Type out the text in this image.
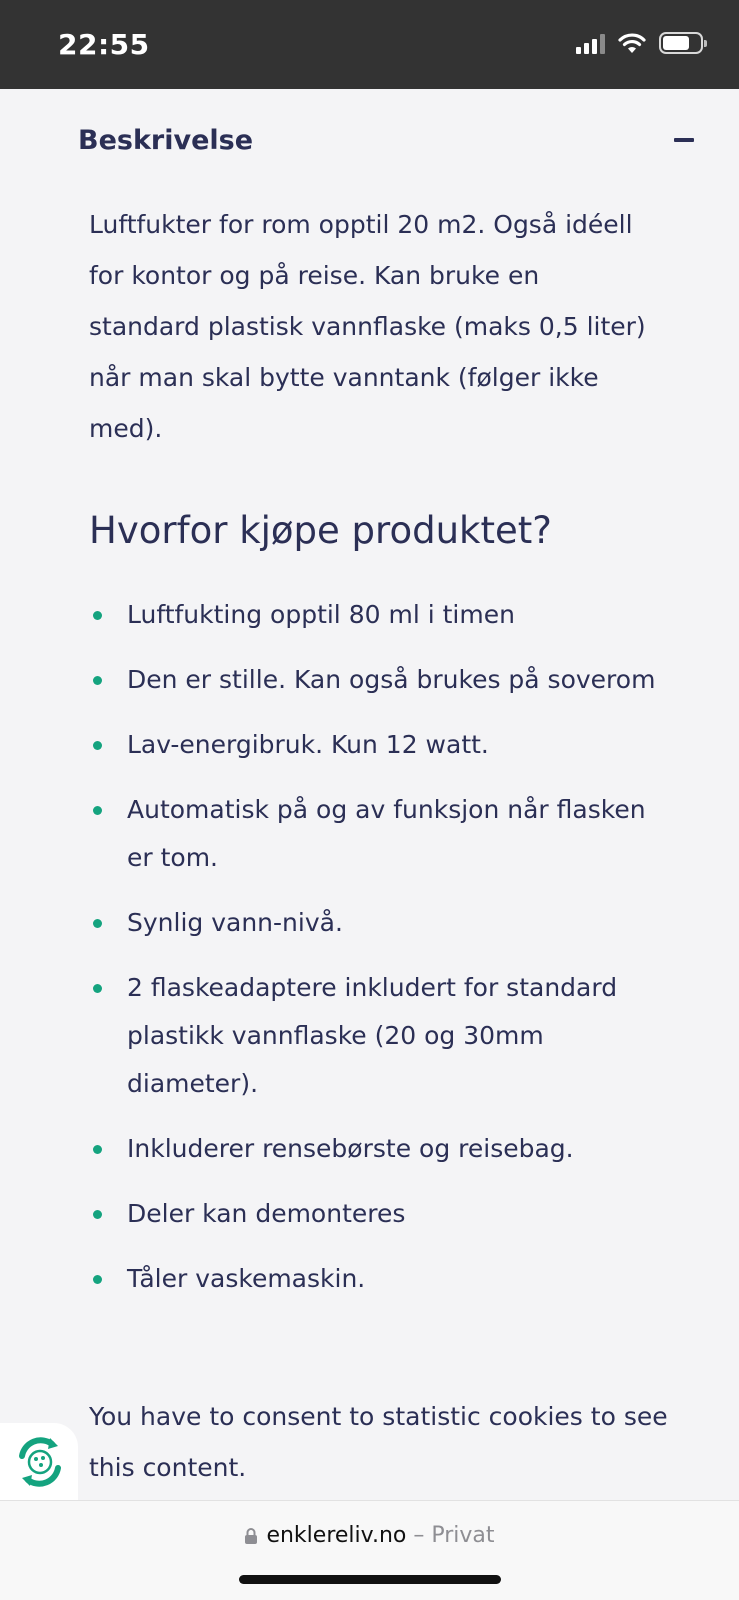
22:55
Beskrivelse

Luftfukter for rom opptil 20 m2. Også idéell for kontor og på reise. Kan bruke en standard plastisk vannflaske (maks 0,5 liter) når man skal bytte vanntank (følger ikke med).

Hvorfor kjøpe produktet?
Luftfukting opptil 80 ml i timen
Den er stille. Kan også brukes på soverom
Lav-energibruk. Kun 12 watt.
Automatisk på og av funksjon når flasken er tom.
Synlig vann-nivå.
2 flaskeadaptere inkludert for standard plastikk vannflaske (20 og 30mm diameter).
Inkluderer rensebørste og reisebag.
Deler kan demonteres
Tåler vaskemaskin.

You have to consent to statistic cookies to see this content.

enklereliv.no – Privat
